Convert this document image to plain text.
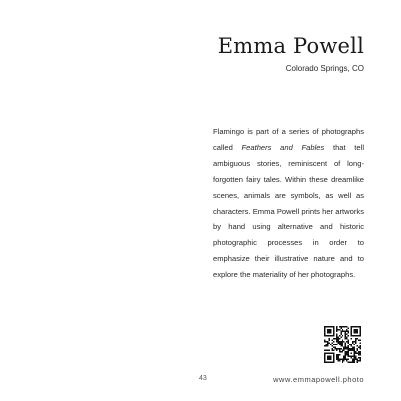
Emma Powell
Colorado Springs, CO
Flamingo is part of a series of photographs called Feathers and Fables that tell ambiguous stories, reminiscent of long-forgotten fairy tales. Within these dreamlike scenes, animals are symbols, as well as characters. Emma Powell prints her artworks by hand using alternative and historic photographic processes in order to emphasize their illustrative nature and to explore the materiality of her photographs.
43	www.emmapowell.photo
